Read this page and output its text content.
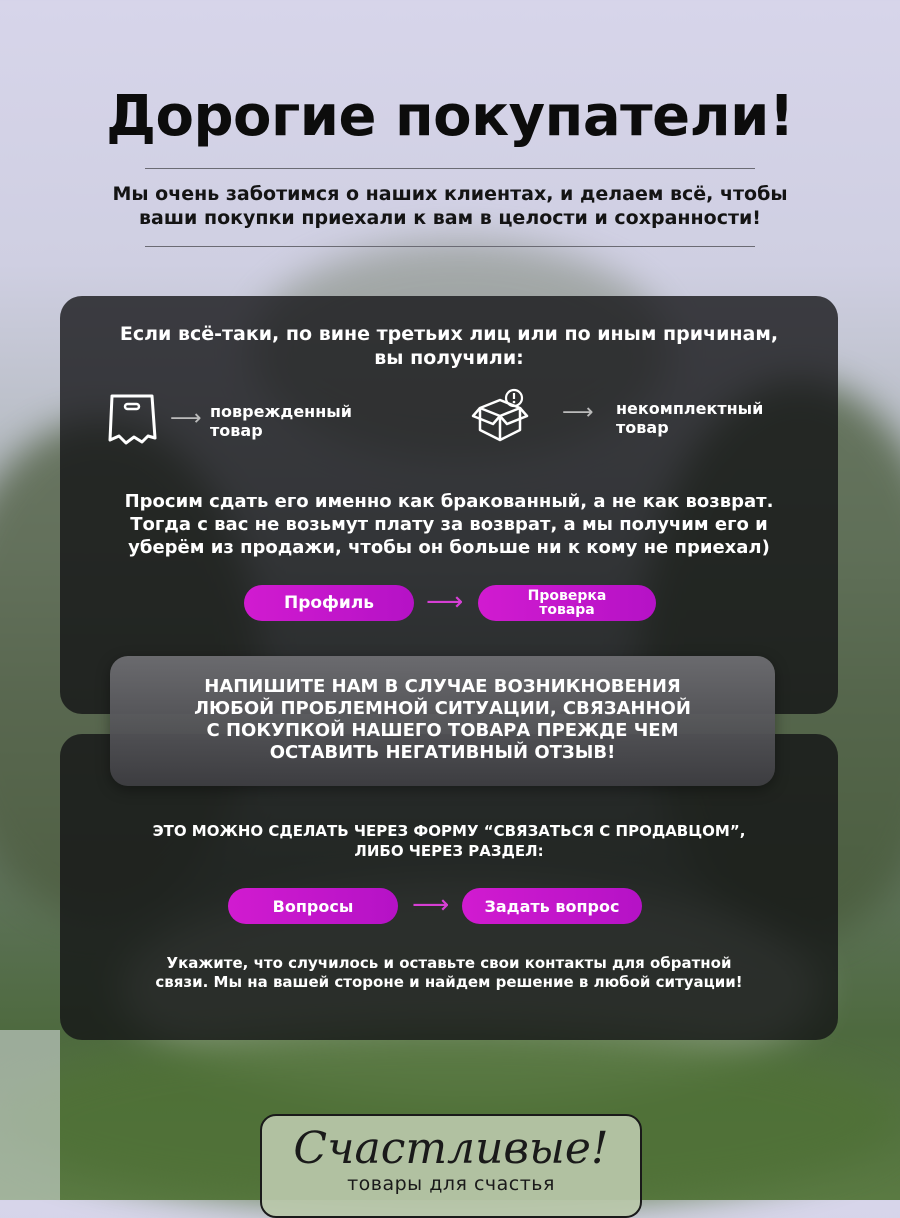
Дорогие покупатели!
Мы очень заботимся о наших клиентах, и делаем всё, чтобы
ваши покупки приехали к вам в целости и сохранности!
Если всё-таки, по вине третьих лиц или по иным причинам,
вы получили:
⟶ поврежденный
товар
⟶ некомплектный
товар
Просим сдать его именно как бракованный, а не как возврат.
Тогда с вас не возьмут плату за возврат, а мы получим его и
уберём из продажи, чтобы он больше ни к кому не приехал)
Профиль ⟶	Проверка
товара
ЭТО МОЖНО СДЕЛАТЬ ЧЕРЕЗ ФОРМУ “СВЯЗАТЬСЯ С ПРОДАВЦОМ”,
ЛИБО ЧЕРЕЗ РАЗДЕЛ:
Вопросы ⟶ Задать вопрос
Укажите, что случилось и оставьте свои контакты для обратной
связи. Мы на вашей стороне и найдем решение в любой ситуации!
НАПИШИТЕ НАМ В СЛУЧАЕ ВОЗНИКНОВЕНИЯ
ЛЮБОЙ ПРОБЛЕМНОЙ СИТУАЦИИ, СВЯЗАННОЙ
С ПОКУПКОЙ НАШЕГО ТОВАРА ПРЕЖДЕ ЧЕМ
ОСТАВИТЬ НЕГАТИВНЫЙ ОТЗЫВ!
Счастливые!
товары для счастья
